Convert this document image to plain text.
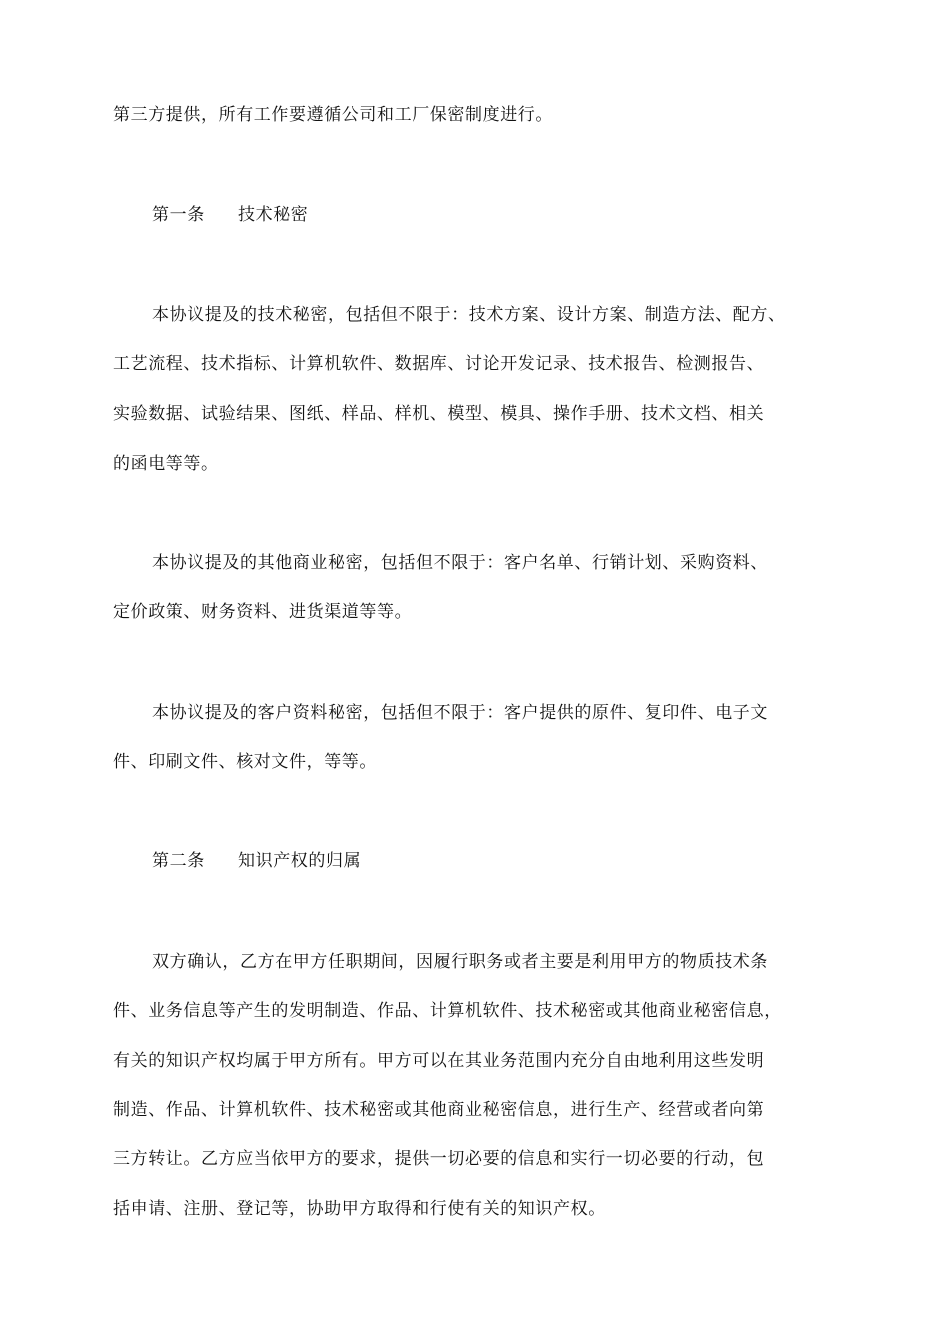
第三方提供，所有工作要遵循公司和工厂保密制度进行。
第一条 技术秘密
本协议提及的技术秘密，包括但不限于：技术方案、设计方案、制造方法、配方、
工艺流程、技术指标、计算机软件、数据库、讨论开发记录、技术报告、检测报告、
实验数据、试验结果、图纸、样品、样机、模型、模具、操作手册、技术文档、相关
的函电等等。
本协议提及的其他商业秘密，包括但不限于：客户名单、行销计划、采购资料、
定价政策、财务资料、进货渠道等等。
本协议提及的客户资料秘密，包括但不限于：客户提供的原件、复印件、电子文
件、印刷文件、核对文件，等等。
第二条 知识产权的归属
双方确认，乙方在甲方任职期间，因履行职务或者主要是利用甲方的物质技术条
件、业务信息等产生的发明制造、作品、计算机软件、技术秘密或其他商业秘密信息，
有关的知识产权均属于甲方所有。甲方可以在其业务范围内充分自由地利用这些发明
制造、作品、计算机软件、技术秘密或其他商业秘密信息，进行生产、经营或者向第
三方转让。乙方应当依甲方的要求，提供一切必要的信息和实行一切必要的行动，包
括申请、注册、登记等，协助甲方取得和行使有关的知识产权。
